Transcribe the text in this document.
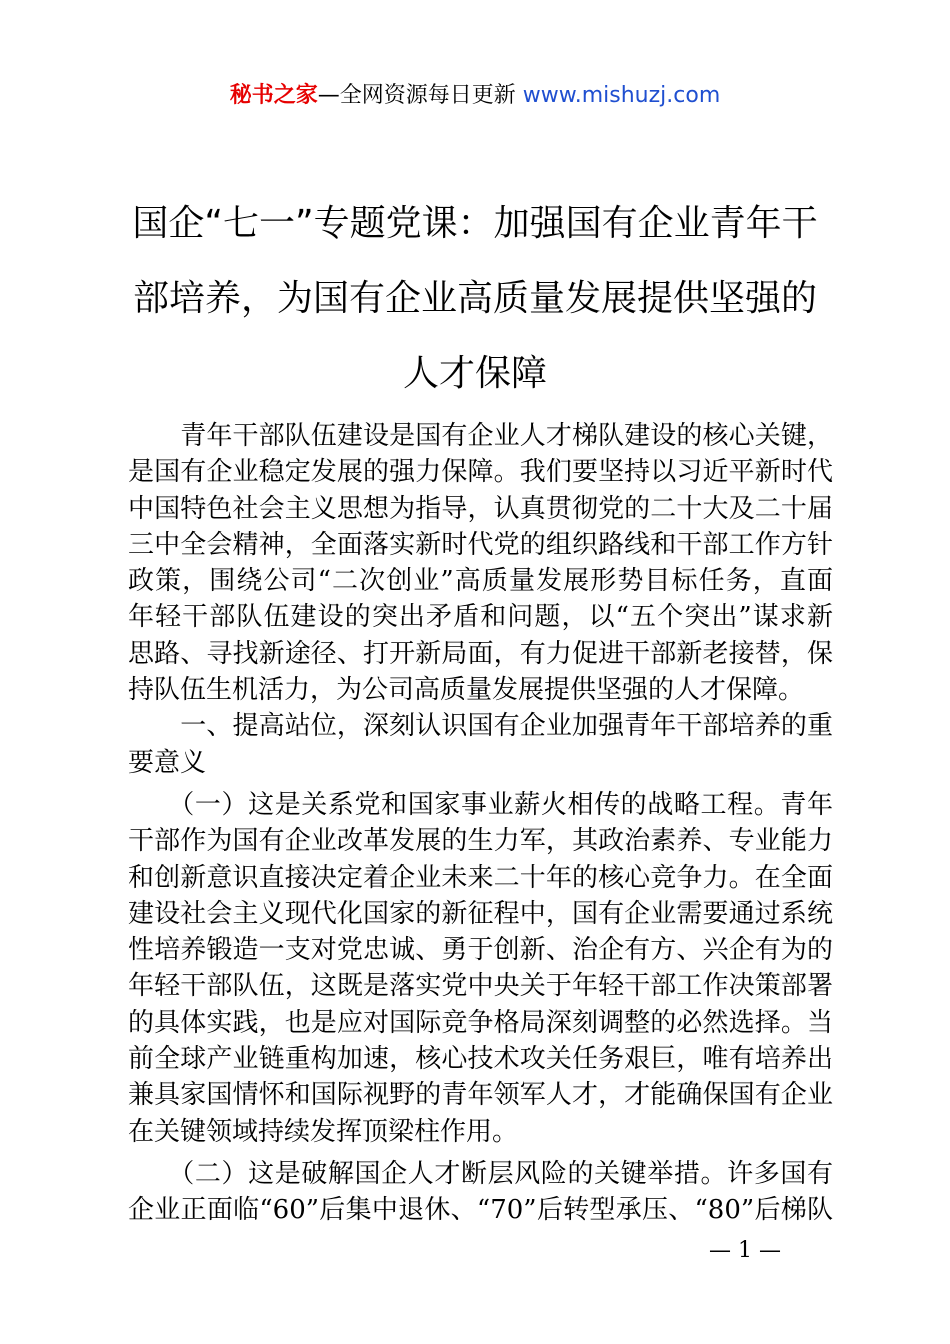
秘书之家—全网资源每日更新 www.mishuzj.com
国企“七一”专题党课：加强国有企业青年干
部培养，为国有企业高质量发展提供坚强的
人才保障
　　青年干部队伍建设是国有企业人才梯队建设的核心关键，
是国有企业稳定发展的强力保障。我们要坚持以习近平新时代
中国特色社会主义思想为指导，认真贯彻党的二十大及二十届
三中全会精神，全面落实新时代党的组织路线和干部工作方针
政策，围绕公司“二次创业”高质量发展形势目标任务，直面
年轻干部队伍建设的突出矛盾和问题，以“五个突出”谋求新
思路、寻找新途径、打开新局面，有力促进干部新老接替，保
持队伍生机活力，为公司高质量发展提供坚强的人才保障。
　　一、提高站位，深刻认识国有企业加强青年干部培养的重
要意义
　　（一）这是关系党和国家事业薪火相传的战略工程。青年
干部作为国有企业改革发展的生力军，其政治素养、专业能力
和创新意识直接决定着企业未来二十年的核心竞争力。在全面
建设社会主义现代化国家的新征程中，国有企业需要通过系统
性培养锻造一支对党忠诚、勇于创新、治企有方、兴企有为的
年轻干部队伍，这既是落实党中央关于年轻干部工作决策部署
的具体实践，也是应对国际竞争格局深刻调整的必然选择。当
前全球产业链重构加速，核心技术攻关任务艰巨，唯有培养出
兼具家国情怀和国际视野的青年领军人才，才能确保国有企业
在关键领域持续发挥顶梁柱作用。
　　（二）这是破解国企人才断层风险的关键举措。许多国有
企业正面临“60”后集中退休、“70”后转型承压、“80”后梯队
— 1 —
